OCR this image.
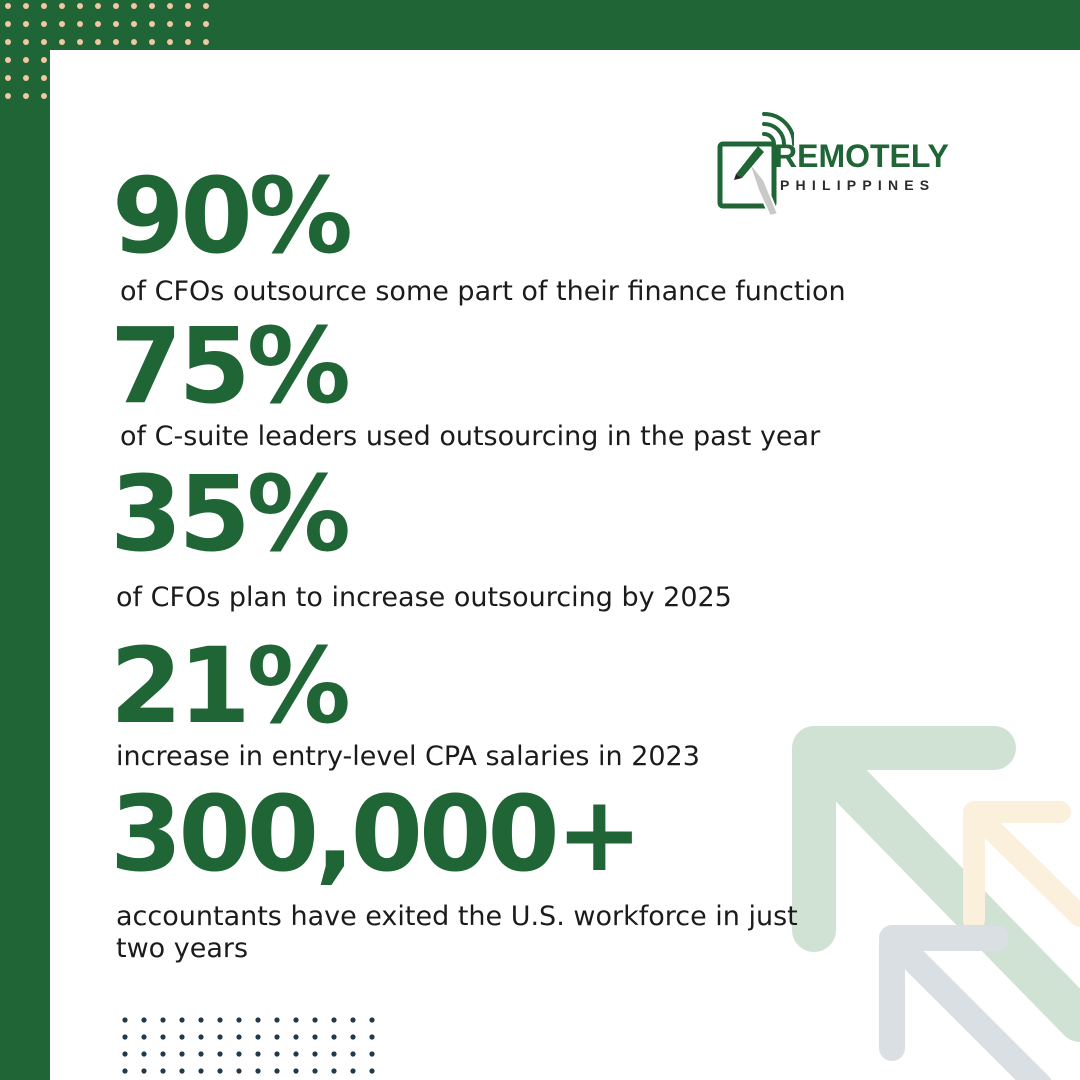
REMOTELY
PHILIPPINES
90%
of CFOs outsource some part of their finance function
75%
of C-suite leaders used outsourcing in the past year
35%
of CFOs plan to increase outsourcing by 2025
21%
increase in entry-level CPA salaries in 2023
300,000+
accountants have exited the U.S. workforce in just
two years
